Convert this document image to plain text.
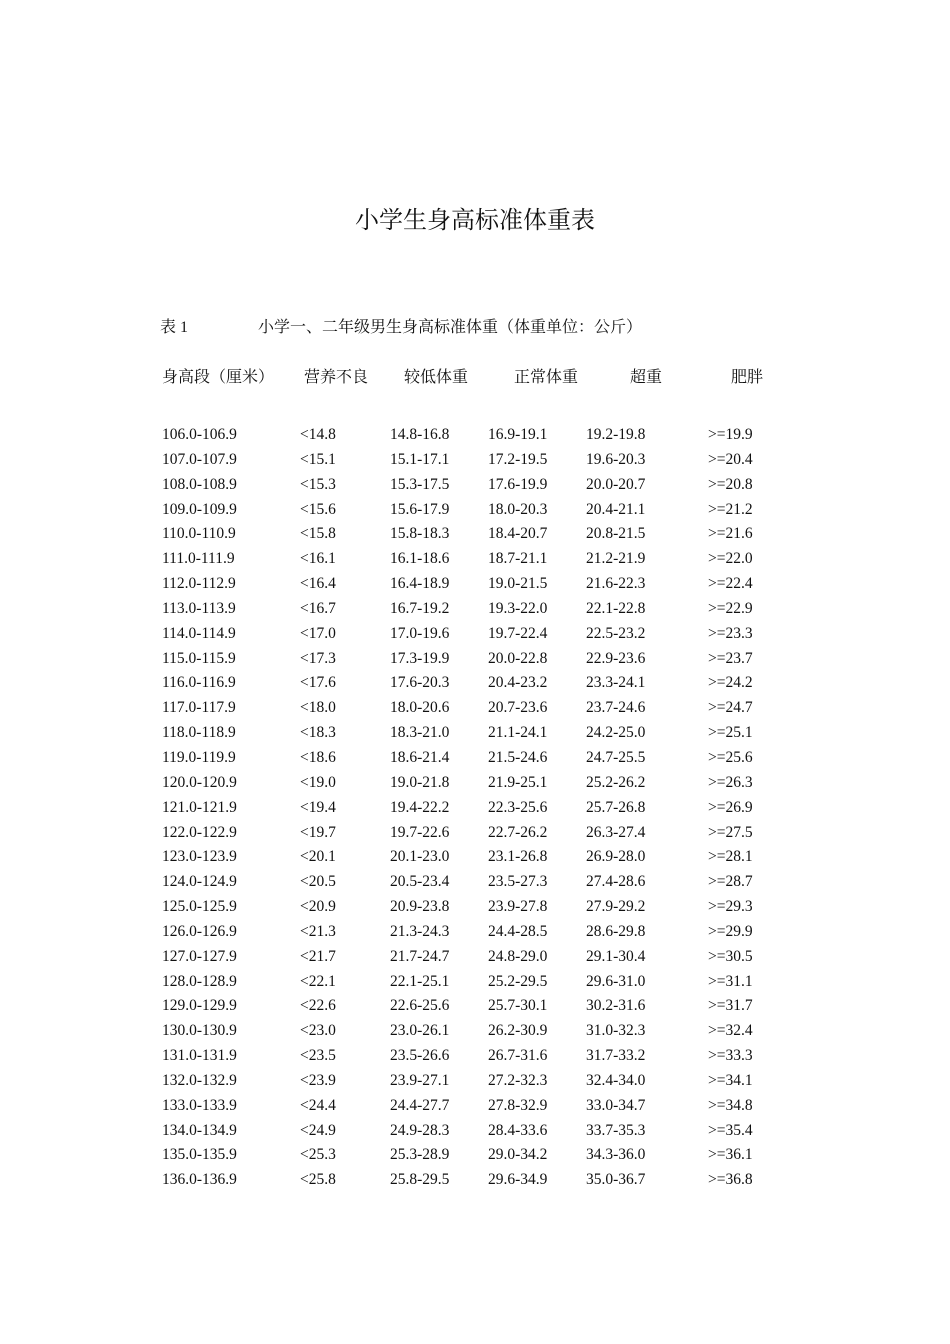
小学生身高标准体重表
表 1	小学一、二年级男生身高标准体重（体重单位：公斤）
身高段（厘米） 营养不良 较低体重	正常体重	超重	肥胖
106.0-106.9	<14.8	14.8-16.8 16.9-19.1 19.2-19.8	>=19.9
107.0-107.9	<15.1	15.1-17.1 17.2-19.5 19.6-20.3	>=20.4
108.0-108.9	<15.3	15.3-17.5 17.6-19.9 20.0-20.7	>=20.8
109.0-109.9	<15.6	15.6-17.9 18.0-20.3 20.4-21.1	>=21.2
110.0-110.9	<15.8	15.8-18.3 18.4-20.7 20.8-21.5	>=21.6
111.0-111.9	<16.1	16.1-18.6 18.7-21.1 21.2-21.9	>=22.0
112.0-112.9	<16.4	16.4-18.9 19.0-21.5 21.6-22.3	>=22.4
113.0-113.9	<16.7	16.7-19.2 19.3-22.0 22.1-22.8	>=22.9
114.0-114.9	<17.0	17.0-19.6 19.7-22.4 22.5-23.2	>=23.3
115.0-115.9	<17.3	17.3-19.9 20.0-22.8 22.9-23.6	>=23.7
116.0-116.9	<17.6	17.6-20.3 20.4-23.2 23.3-24.1	>=24.2
117.0-117.9	<18.0	18.0-20.6 20.7-23.6 23.7-24.6	>=24.7
118.0-118.9	<18.3	18.3-21.0 21.1-24.1 24.2-25.0	>=25.1
119.0-119.9	<18.6	18.6-21.4 21.5-24.6 24.7-25.5	>=25.6
120.0-120.9	<19.0	19.0-21.8 21.9-25.1 25.2-26.2	>=26.3
121.0-121.9	<19.4	19.4-22.2 22.3-25.6 25.7-26.8	>=26.9
122.0-122.9	<19.7	19.7-22.6 22.7-26.2 26.3-27.4	>=27.5
123.0-123.9	<20.1	20.1-23.0 23.1-26.8 26.9-28.0	>=28.1
124.0-124.9	<20.5	20.5-23.4 23.5-27.3 27.4-28.6	>=28.7
125.0-125.9	<20.9	20.9-23.8 23.9-27.8 27.9-29.2	>=29.3
126.0-126.9	<21.3	21.3-24.3 24.4-28.5 28.6-29.8	>=29.9
127.0-127.9	<21.7	21.7-24.7 24.8-29.0 29.1-30.4	>=30.5
128.0-128.9	<22.1	22.1-25.1 25.2-29.5 29.6-31.0	>=31.1
129.0-129.9	<22.6	22.6-25.6 25.7-30.1 30.2-31.6	>=31.7
130.0-130.9	<23.0	23.0-26.1 26.2-30.9 31.0-32.3	>=32.4
131.0-131.9	<23.5	23.5-26.6 26.7-31.6 31.7-33.2	>=33.3
132.0-132.9	<23.9	23.9-27.1 27.2-32.3 32.4-34.0	>=34.1
133.0-133.9	<24.4	24.4-27.7 27.8-32.9 33.0-34.7	>=34.8
134.0-134.9	<24.9	24.9-28.3 28.4-33.6 33.7-35.3	>=35.4
135.0-135.9	<25.3	25.3-28.9 29.0-34.2 34.3-36.0	>=36.1
136.0-136.9	<25.8	25.8-29.5 29.6-34.9 35.0-36.7	>=36.8
